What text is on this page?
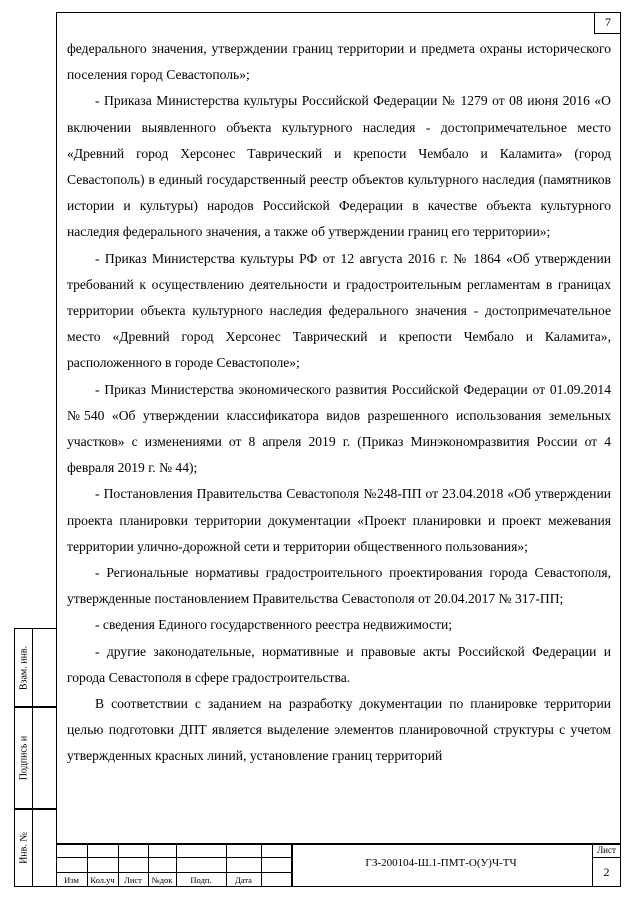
7

федерального значения, утверждении границ территории и предмета охраны исторического поселения город Севастополь»;

- Приказа Министерства культуры Российской Федерации № 1279 от 08 июня 2016 «О включении выявленного объекта культурного наследия - достопримечательное место «Древний город Херсонес Таврический и крепости Чембало и Каламита» (город Севастополь) в единый государственный реестр объектов культурного наследия (памятников истории и культуры) народов Российской Федерации в качестве объекта культурного наследия федерального значения, а также об утверждении границ его территории»;

- Приказ Министерства культуры РФ от 12 августа 2016 г. № 1864 «Об утверждении требований к осуществлению деятельности и градостроительным регламентам в границах территории объекта культурного наследия федерального значения - достопримечательное место «Древний город Херсонес Таврический и крепости Чембало и Каламита», расположенного в городе Севастополе»;

- Приказ Министерства экономического развития Российской Федерации от 01.09.2014 №540 «Об утверждении классификатора видов разрешенного использования земельных участков» с изменениями от 8 апреля 2019 г. (Приказ Минэкономразвития России от 4 февраля 2019 г. № 44);

- Постановления Правительства Севастополя №248-ПП от 23.04.2018 «Об утверждении проекта планировки территории документации «Проект планировки и проект межевания территории улично-дорожной сети и территории общественного пользования»;

- Региональные нормативы градостроительного проектирования города Севастополя, утвержденные постановлением Правительства Севастополя от 20.04.2017 № 317-ПП;

- сведения Единого государственного реестра недвижимости;

- другие законодательные, нормативные и правовые акты Российской Федерации и города Севастополя в сфере градостроительства.

В соответствии с заданием на разработку документации по планировке территории целью подготовки ДПТ является выделение элементов планировочной структуры с учетом утвержденных красных линий, установление границ территорий

Взам. инв.
Подпись и
Инв. №
Изм	Кол.уч	Лист	№док	Подп.	Дата
ГЗ-200104-Ш.1-ПМТ-О(У)Ч-ТЧ
Лист
2
